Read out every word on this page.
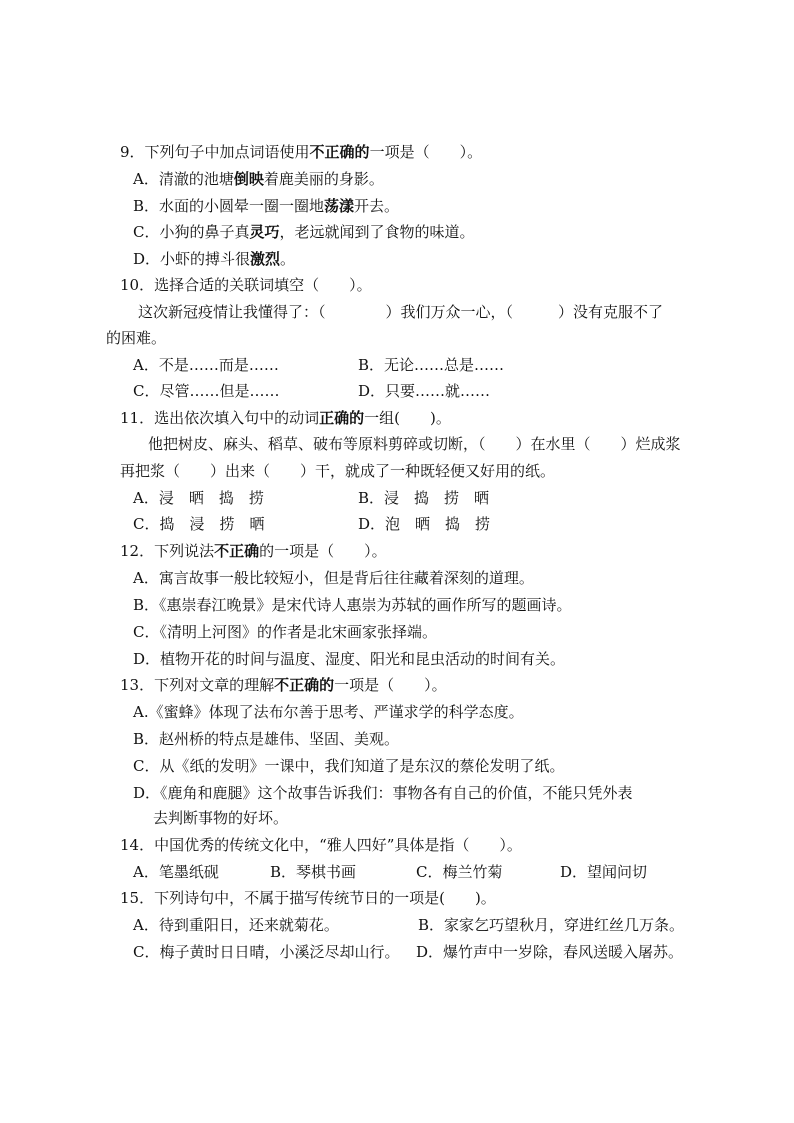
9．下列句子中加点词语使用不正确的一项是（　　）。
A．清澈的池塘倒映着鹿美丽的身影。
B．水面的小圆晕一圈一圈地荡漾开去。
C．小狗的鼻子真灵巧，老远就闻到了食物的味道。
D．小虾的搏斗很激烈。
10．选择合适的关联词填空（　　）。
这次新冠疫情让我懂得了：（　　　　）我们万众一心，（　　　）没有克服不了
的困难。
A．不是……而是……	B．无论……总是……
C．尽管……但是……	D．只要……就……
11．选出依次填入句中的动词正确的一组(　　)。
他把树皮、麻头、稻草、破布等原料剪碎或切断，（　　）在水里（　　）烂成浆
再把浆（　　）出来（　　）干，就成了一种既轻便又好用的纸。
A．浸　晒　捣　捞	B．浸　捣　捞　晒
C．捣　浸　捞　晒	D．泡　晒　捣　捞
12．下列说法不正确的一项是（　　）。
A．寓言故事一般比较短小，但是背后往往藏着深刻的道理。
B．《惠崇春江晚景》是宋代诗人惠崇为苏轼的画作所写的题画诗。
C．《清明上河图》的作者是北宋画家张择端。
D．植物开花的时间与温度、湿度、阳光和昆虫活动的时间有关。
13．下列对文章的理解不正确的一项是（　　）。
A.《蜜蜂》体现了法布尔善于思考、严谨求学的科学态度。
B．赵州桥的特点是雄伟、坚固、美观。
C．从《纸的发明》一课中，我们知道了是东汉的蔡伦发明了纸。
D．《鹿角和鹿腿》这个故事告诉我们：事物各有自己的价值，不能只凭外表
去判断事物的好坏。
14．中国优秀的传统文化中，“雅人四好”具体是指（　　）。
A．笔墨纸砚	B．琴棋书画	C．梅兰竹菊	D．望闻问切
15．下列诗句中，不属于描写传统节日的一项是(　　)。
A．待到重阳日，还来就菊花。	B．家家乞巧望秋月，穿进红丝几万条。
C．梅子黄时日日晴，小溪泛尽却山行。 D．爆竹声中一岁除，春风送暖入屠苏。
